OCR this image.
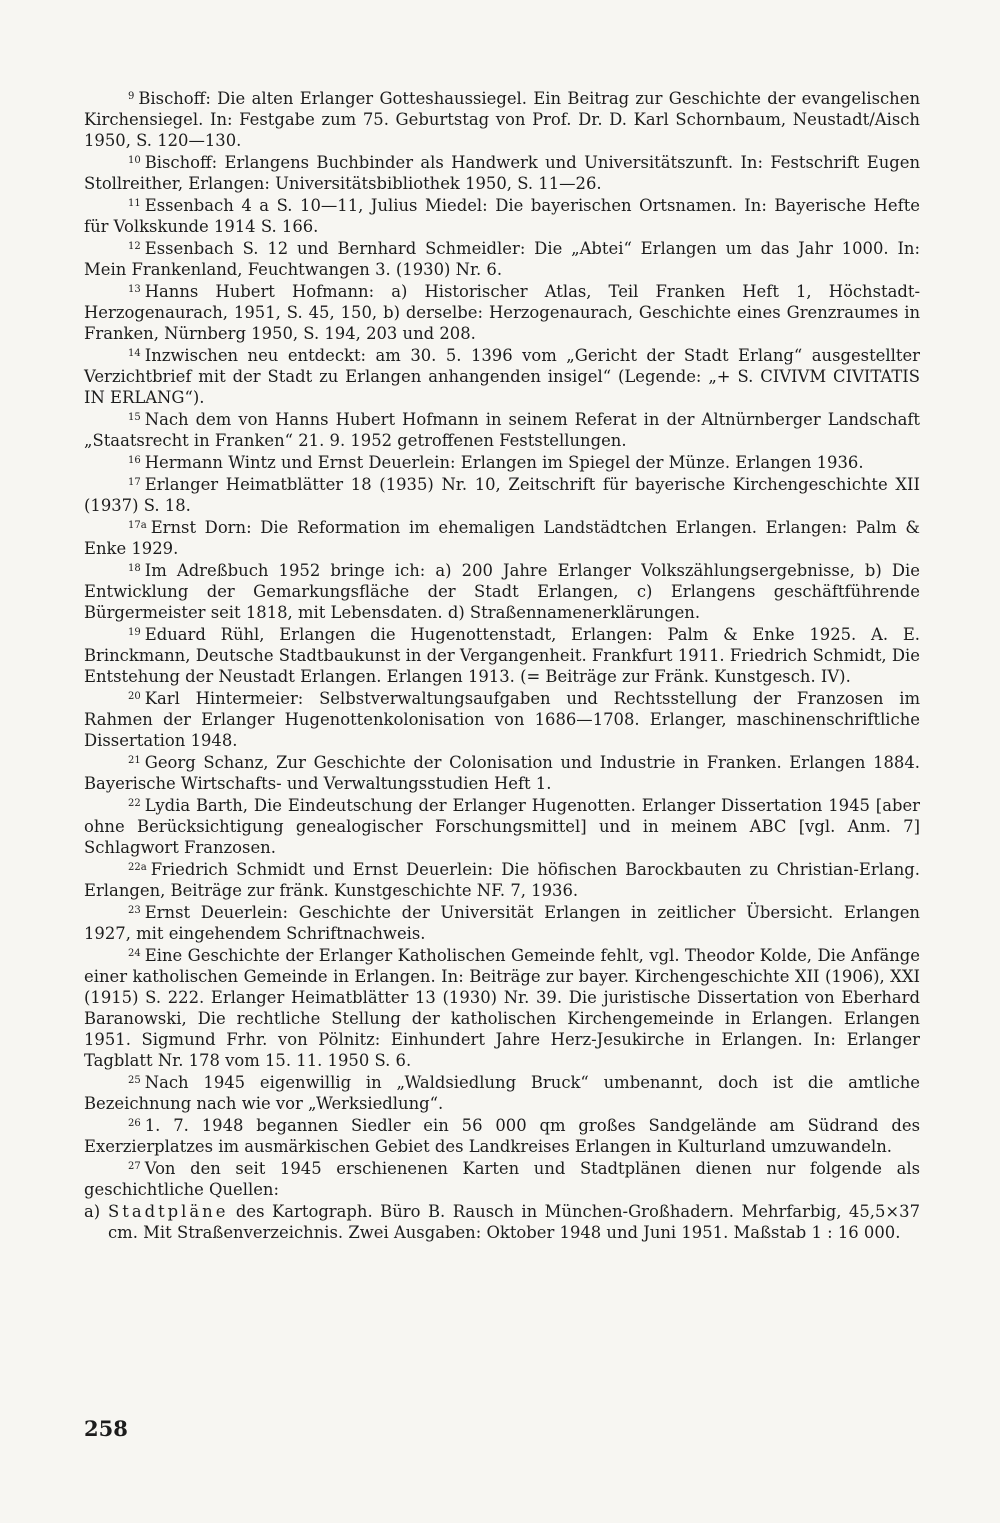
$^9$ Bischoff: Die alten Erlanger Gotteshaussiegel. Ein Beitrag zur Geschichte der evangelischen Kirchensiegel. In: Festgabe zum 75. Geburtstag von Prof. Dr. D. Karl Schornbaum, Neustadt/Aisch 1950, S. 120—130.
$^{10}$ Bischoff: Erlangens Buchbinder als Handwerk und Universitätszunft. In: Festschrift Eugen Stollreither, Erlangen: Universitätsbibliothek 1950, S. 11—26.
$^{11}$ Essenbach 4 a S. 10—11, Julius Miedel: Die bayerischen Ortsnamen. In: Bayerische Hefte für Volkskunde 1914 S. 166.
$^{12}$ Essenbach S. 12 und Bernhard Schmeidler: Die „Abtei“ Erlangen um das Jahr 1000. In: Mein Frankenland, Feuchtwangen 3. (1930) Nr. 6.
$^{13}$ Hanns Hubert Hofmann: a) Historischer Atlas, Teil Franken Heft 1, Höchstadt-Herzogenaurach, 1951, S. 45, 150, b) derselbe: Herzogenaurach, Geschichte eines Grenzraumes in Franken, Nürnberg 1950, S. 194, 203 und 208.
$^{14}$ Inzwischen neu entdeckt: am 30. 5. 1396 vom „Gericht der Stadt Erlang“ ausgestellter Verzichtbrief mit der Stadt zu Erlangen anhangenden insigel“ (Legende: „+ S. CIVIVM CIVITATIS IN ERLANG“).
$^{15}$ Nach dem von Hanns Hubert Hofmann in seinem Referat in der Altnürnberger Landschaft „Staatsrecht in Franken“ 21. 9. 1952 getroffenen Feststellungen.
$^{16}$ Hermann Wintz und Ernst Deuerlein: Erlangen im Spiegel der Münze. Erlangen 1936.
$^{17}$ Erlanger Heimatblätter 18 (1935) Nr. 10, Zeitschrift für bayerische Kirchengeschichte XII (1937) S. 18.
$^{17a}$ Ernst Dorn: Die Reformation im ehemaligen Landstädtchen Erlangen. Erlangen: Palm & Enke 1929.
$^{18}$ Im Adreßbuch 1952 bringe ich: a) 200 Jahre Erlanger Volkszählungsergebnisse, b) Die Entwicklung der Gemarkungsfläche der Stadt Erlangen, c) Erlangens geschäftführende Bürgermeister seit 1818, mit Lebensdaten. d) Straßennamenerklärungen.
$^{19}$ Eduard Rühl, Erlangen die Hugenottenstadt, Erlangen: Palm & Enke 1925. A. E. Brinckmann, Deutsche Stadtbaukunst in der Vergangenheit. Frankfurt 1911. Friedrich Schmidt, Die Entstehung der Neustadt Erlangen. Erlangen 1913. (= Beiträge zur Fränk. Kunstgesch. IV).
$^{20}$ Karl Hintermeier: Selbstverwaltungsaufgaben und Rechtsstellung der Franzosen im Rahmen der Erlanger Hugenottenkolonisation von 1686—1708. Erlanger, maschinenschriftliche Dissertation 1948.
$^{21}$ Georg Schanz, Zur Geschichte der Colonisation und Industrie in Franken. Erlangen 1884. Bayerische Wirtschafts- und Verwaltungsstudien Heft 1.
$^{22}$ Lydia Barth, Die Eindeutschung der Erlanger Hugenotten. Erlanger Dissertation 1945 [aber ohne Berücksichtigung genealogischer Forschungsmittel] und in meinem ABC [vgl. Anm. 7] Schlagwort Franzosen.
$^{22a}$ Friedrich Schmidt und Ernst Deuerlein: Die höfischen Barockbauten zu Christian-Erlang. Erlangen, Beiträge zur fränk. Kunstgeschichte NF. 7, 1936.
$^{23}$ Ernst Deuerlein: Geschichte der Universität Erlangen in zeitlicher Übersicht. Erlangen 1927, mit eingehendem Schriftnachweis.
$^{24}$ Eine Geschichte der Erlanger Katholischen Gemeinde fehlt, vgl. Theodor Kolde, Die Anfänge einer katholischen Gemeinde in Erlangen. In: Beiträge zur bayer. Kirchengeschichte XII (1906), XXI (1915) S. 222. Erlanger Heimatblätter 13 (1930) Nr. 39. Die juristische Dissertation von Eberhard Baranowski, Die rechtliche Stellung der katholischen Kirchengemeinde in Erlangen. Erlangen 1951. Sigmund Frhr. von Pölnitz: Einhundert Jahre Herz-Jesukirche in Erlangen. In: Erlanger Tagblatt Nr. 178 vom 15. 11. 1950 S. 6.
$^{25}$ Nach 1945 eigenwillig in „Waldsiedlung Bruck“ umbenannt, doch ist die amtliche Bezeichnung nach wie vor „Werksiedlung“.
$^{26}$ 1. 7. 1948 begannen Siedler ein 56 000 qm großes Sandgelände am Südrand des Exerzierplatzes im ausmärkischen Gebiet des Landkreises Erlangen in Kulturland umzuwandeln.
$^{27}$ Von den seit 1945 erschienenen Karten und Stadtplänen dienen nur folgende als geschichtliche Quellen:
a) Stadtpläne des Kartograph. Büro B. Rausch in München-Großhadern. Mehrfarbig, 45,5×37 cm. Mit Straßenverzeichnis. Zwei Ausgaben: Oktober 1948 und Juni 1951. Maßstab 1 : 16 000.
258
